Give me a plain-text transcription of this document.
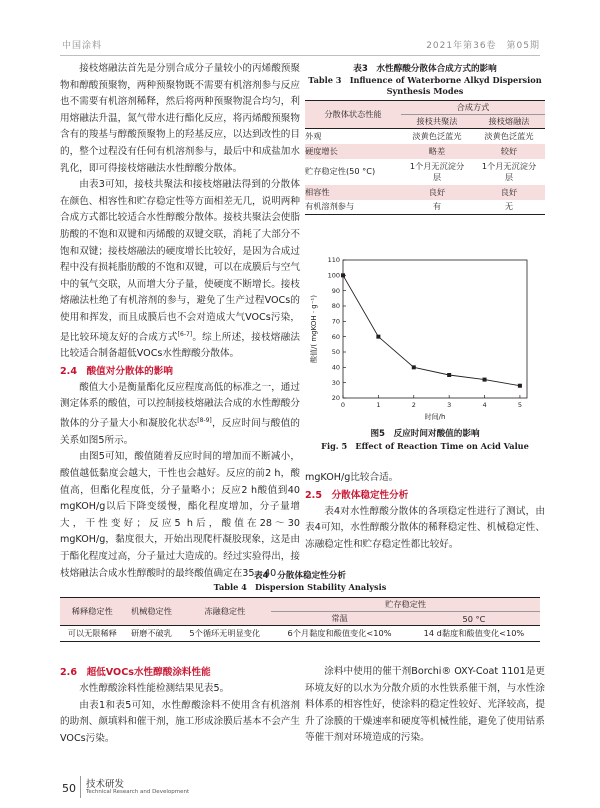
中国涂料	2021年第36卷　第05期

接枝熔融法首先是分别合成分子量较小的丙烯酸预聚物和醇酸预聚物，两种预聚物既不需要有机溶剂参与反应也不需要有机溶剂稀释，然后将两种预聚物混合均匀，利用熔融法升温，氮气带水进行酯化反应，将丙烯酸预聚物含有的羧基与醇酸预聚物上的羟基反应，以达到改性的目的，整个过程没有任何有机溶剂参与，最后中和成盐加水乳化，即可得接枝熔融法水性醇酸分散体。

由表3可知，接枝共聚法和接枝熔融法得到的分散体在颜色、相容性和贮存稳定性等方面相差无几，说明两种合成方式都比较适合水性醇酸分散体。接枝共聚法会使脂肪酸的不饱和双键和丙烯酸的双键交联，消耗了大部分不饱和双键；接枝熔融法的硬度增长比较好，是因为合成过程中没有损耗脂肪酸的不饱和双键，可以在成膜后与空气中的氧气交联，从而增大分子量，使硬度不断增长。接枝熔融法杜绝了有机溶剂的参与，避免了生产过程VOCs的使用和挥发，而且成膜后也不会对造成大气VOCs污染，是比较环境友好的合成方式[6-7]。综上所述，接枝熔融法比较适合制备超低VOCs水性醇酸分散体。

2.4　酸值对分散体的影响

酸值大小是衡量酯化反应程度高低的标准之一，通过测定体系的酸值，可以控制接枝熔融法合成的水性醇酸分散体的分子量大小和凝胶化状态[8-9]，反应时间与酸值的关系如图5所示。

由图5可知，酸值随着反应时间的增加而不断减小，酸值越低黏度会越大，干性也会越好。反应的前2 h，酸值高，但酯化程度低，分子量略小；反应2 h酸值到40 mgKOH/g以后下降变缓慢，酯化程度增加，分子量增大，干性变好；反应5 h后，酸值在28～30 mgKOH/g，黏度很大，开始出现爬杆凝胶现象，这是由于酯化程度过高，分子量过大造成的。经过实验得出，接枝熔融法合成水性醇酸时的最终酸值确定在35～40

表3　水性醇酸分散体合成方式的影响
Table 3　Influence of Waterborne Alkyd Dispersion
Synthesis Modes
分散体状态性能	合成方式	
	接枝共聚法	接枝熔融法
外观	淡黄色泛蓝光	淡黄色泛蓝光
硬度增长	略差	较好
贮存稳定性(50 °C)	1个月无沉淀分层	1个月无沉淀分层
相容性	良好	良好
有机溶剂参与	有	无
20
30
40
50
60
70
80
90
100
110
0	1	2	3	4	5
时间/h
酸值/( mgKOH · g⁻¹)
图5　反应时间对酸值的影响
Fig. 5　Effect of Reaction Time on Acid Value
mgKOH/g比较合适。
2.5　分散体稳定性分析

表4对水性醇酸分散体的各项稳定性进行了测试，由表4可知，水性醇酸分散体的稀释稳定性、机械稳定性、冻融稳定性和贮存稳定性都比较好。

表4　分散体稳定性分析
Table 4　Dispersion Stability Analysis
稀释稳定性	机械稳定性	冻融稳定性	贮存稳定性	
			常温	50 °C
可以无限稀释	研磨不破乳	5个循环无明显变化	6个月黏度和酸值变化<10%	14 d黏度和酸值变化<10%
2.6　超低VOCs水性醇酸涂料性能

水性醇酸涂料性能检测结果见表5。

由表1和表5可知，水性醇酸涂料不使用含有机溶剂的助剂、颜填料和催干剂，施工形成涂膜后基本不会产生VOCs污染。

涂料中使用的催干剂Borchi® OXY-Coat 1101是更环境友好的以水为分散介质的水性铁系催干剂，与水性涂料体系的相容性好，使涂料的稳定性较好、光泽较高，提升了涂膜的干燥速率和硬度等机械性能，避免了使用钴系等催干剂对环境造成的污染。

50 技术研发
Technical Research and Development
